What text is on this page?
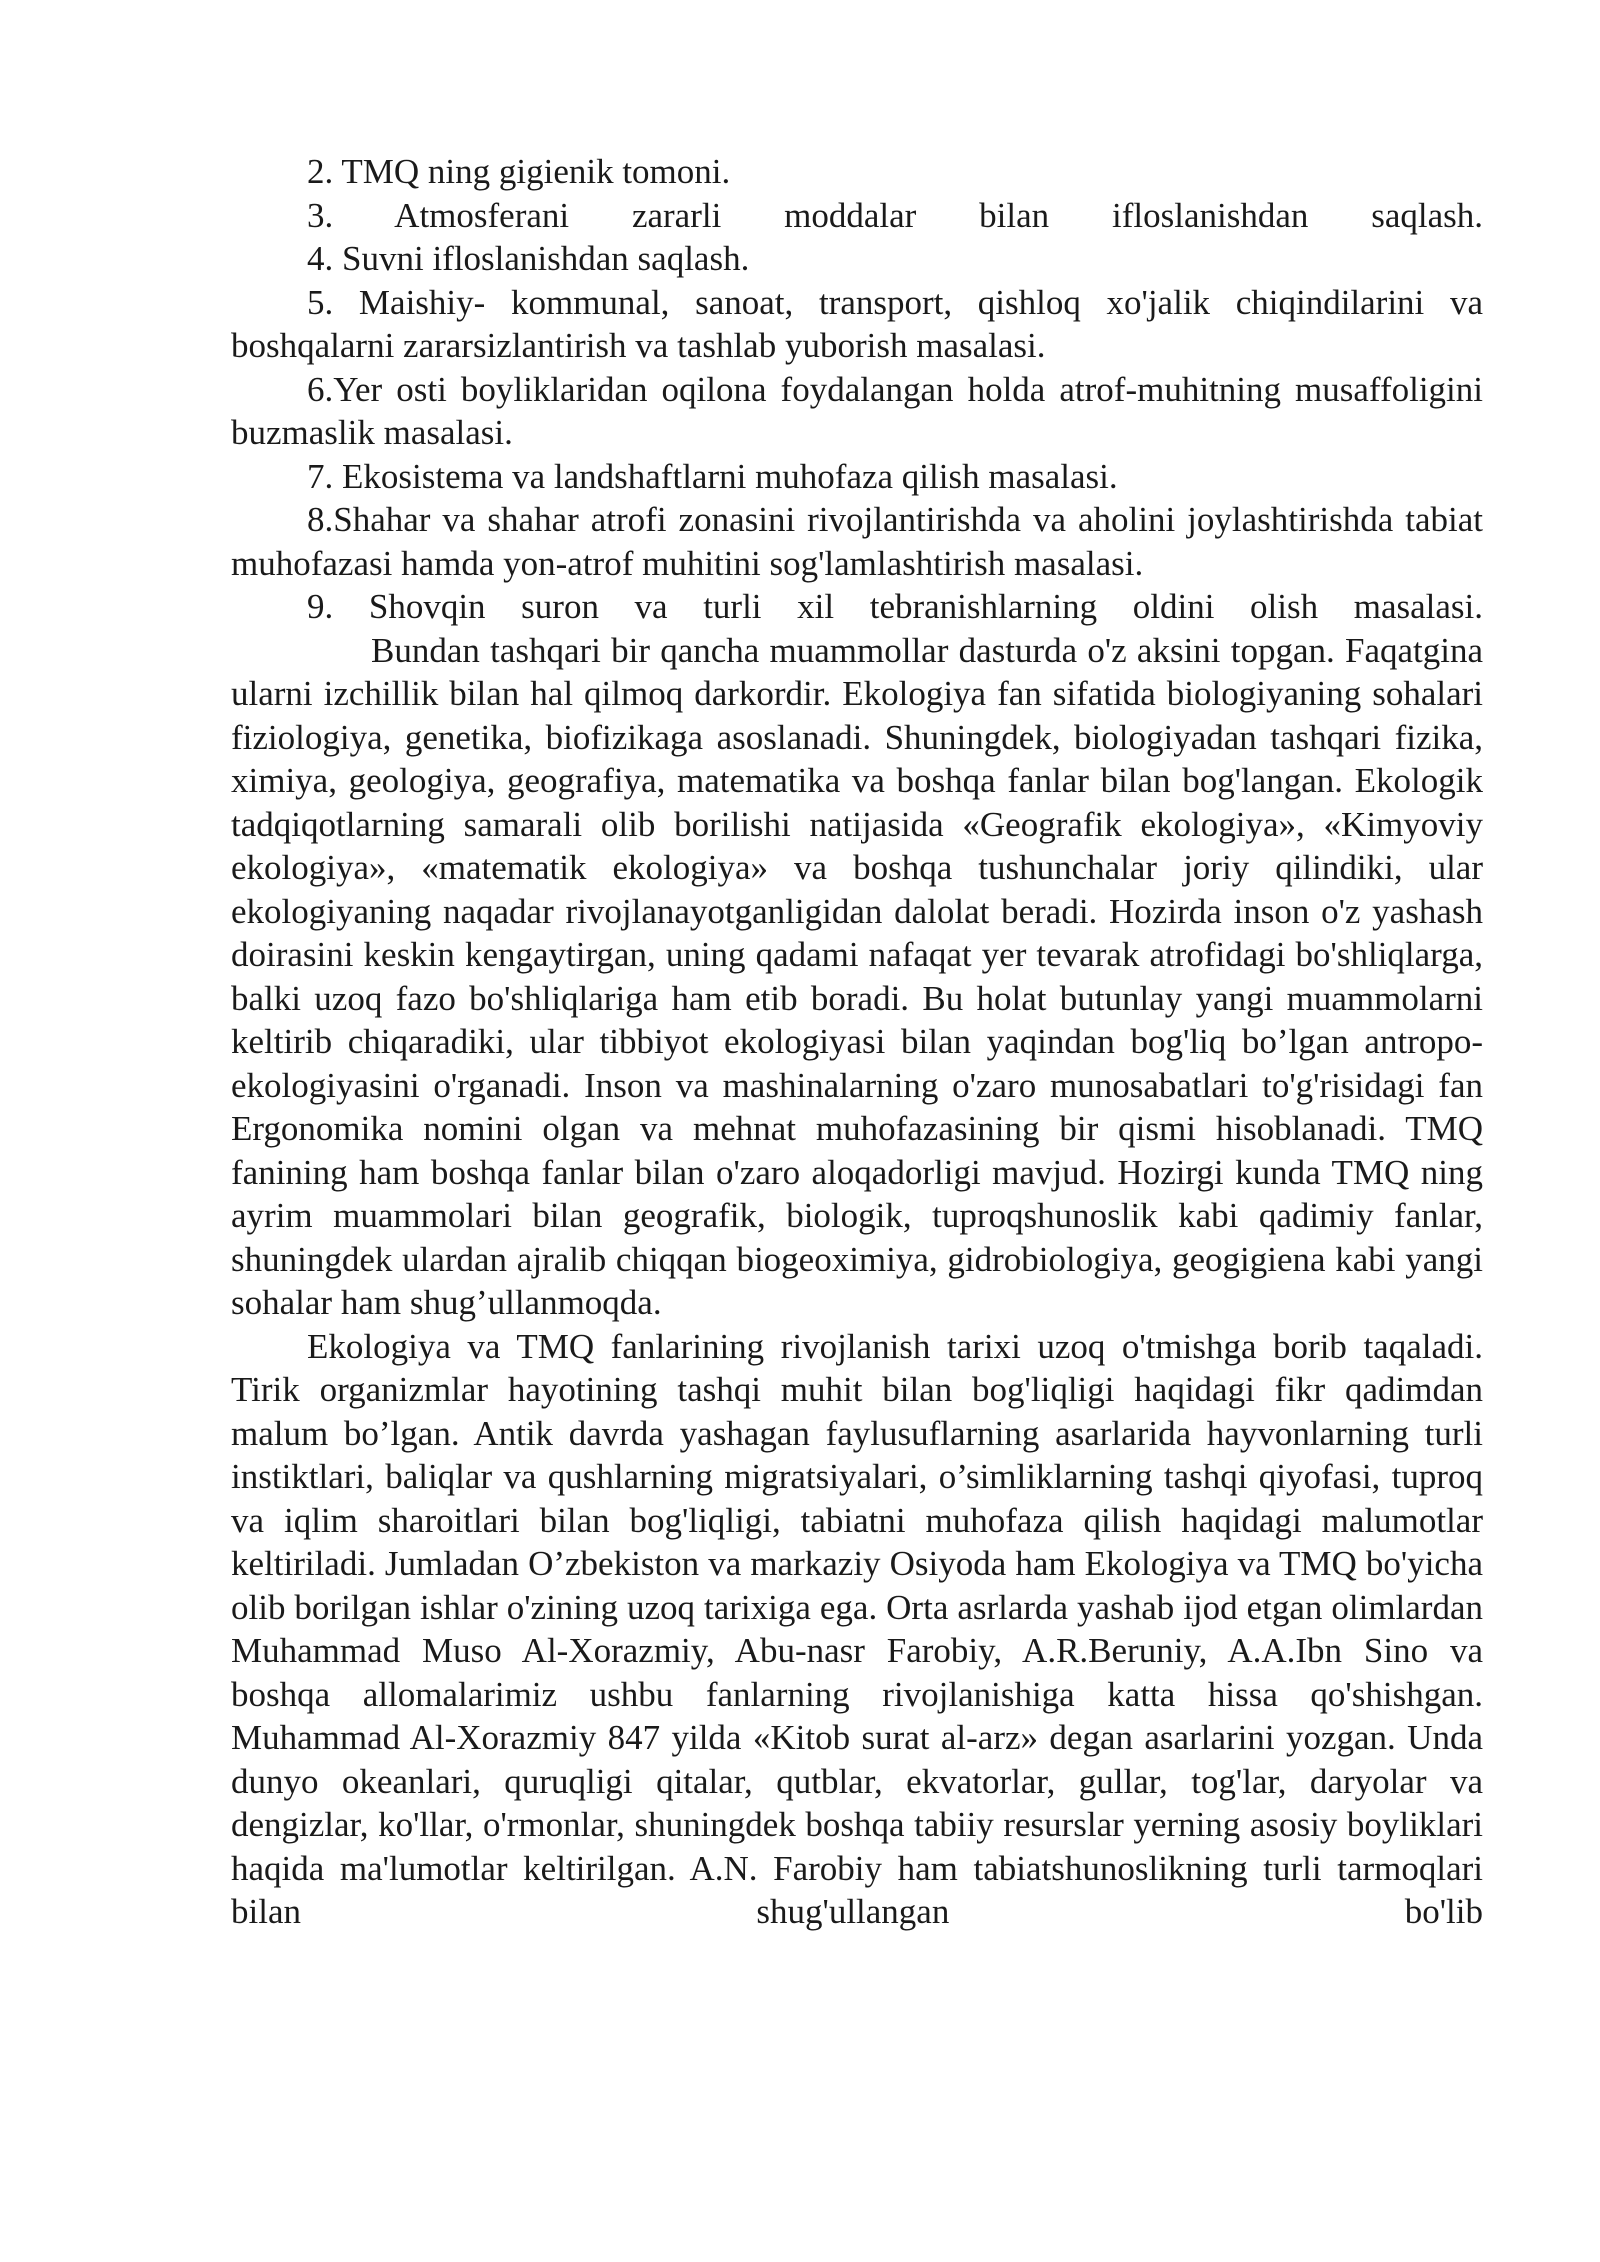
2. TMQ ning gigienik tomoni.

3. Atmosferani zararli moddalar bilan ifloslanishdan saqlash.

4. Suvni ifloslanishdan saqlash.

5. Maishiy- kommunal, sanoat, transport, qishloq xo'jalik chiqindilarini va boshqalarni zararsizlantirish va tashlab yuborish masalasi.

6.Yer osti boyliklaridan oqilona foydalangan holda atrof-muhitning musaffoligini buzmaslik masalasi.

7. Ekosistema va landshaftlarni muhofaza qilish masalasi.

8.Shahar va shahar atrofi zonasini rivojlantirishda va aholini joylashtirishda tabiat muhofazasi hamda yon-atrof muhitini sog'lamlashtirish masalasi.

9. Shovqin suron va turli xil tebranishlarning oldini olish masalasi.

Bundan tashqari bir qancha muammollar dasturda o'z aksini topgan. Faqatgina ularni izchillik bilan hal qilmoq darkordir. Ekologiya fan sifatida biologiyaning sohalari fiziologiya, genetika, biofizikaga asoslanadi. Shuningdek, biologiyadan tashqari fizika, ximiya, geologiya, geografiya, matematika va boshqa fanlar bilan bog'langan. Ekologik tadqiqotlarning samarali olib borilishi natijasida «Geografik ekologiya», «Kimyoviy ekologiya», «matematik ekologiya» va boshqa tushunchalar joriy qilindiki, ular ekologiyaning naqadar rivojlanayotganligidan dalolat beradi. Hozirda inson o'z yashash doirasini keskin kengaytirgan, uning qadami nafaqat yer tevarak atrofidagi bo'shliqlarga, balki uzoq fazo bo'shliqlariga ham etib boradi. Bu holat butunlay yangi muammolarni keltirib chiqaradiki, ular tibbiyot ekologiyasi bilan yaqindan bog'liq bo’lgan antropo-ekologiyasini o'rganadi. Inson va mashinalarning o'zaro munosabatlari to'g'risidagi fan Ergonomika nomini olgan va mehnat muhofazasining bir qismi hisoblanadi. TMQ fanining ham boshqa fanlar bilan o'zaro aloqadorligi mavjud. Hozirgi kunda TMQ ning ayrim muammolari bilan geografik, biologik, tuproqshunoslik kabi qadimiy fanlar, shuningdek ulardan ajralib chiqqan biogeoximiya, gidrobiologiya, geogigiena kabi yangi sohalar ham shug’ullanmoqda.

Ekologiya va TMQ fanlarining rivojlanish tarixi uzoq o'tmishga borib taqaladi. Tirik organizmlar hayotining tashqi muhit bilan bog'liqligi haqidagi fikr qadimdan malum bo’lgan. Antik davrda yashagan faylusuflarning asarlarida hayvonlarning turli instiktlari, baliqlar va qushlarning migratsiyalari, o’simliklarning tashqi qiyofasi, tuproq va iqlim sharoitlari bilan bog'liqligi, tabiatni muhofaza qilish haqidagi malumotlar keltiriladi. Jumladan O’zbekiston va markaziy Osiyoda ham Ekologiya va TMQ bo'yicha olib borilgan ishlar o'zining uzoq tarixiga ega. Orta asrlarda yashab ijod etgan olimlardan Muhammad Muso Al-Xorazmiy, Abu-nasr Farobiy, A.R.Beruniy, A.A.Ibn Sino va boshqa allomalarimiz ushbu fanlarning rivojlanishiga katta hissa qo'shishgan. Muhammad Al-Xorazmiy 847 yilda «Kitob surat al-arz» degan asarlarini yozgan. Unda dunyo okeanlari, quruqligi qitalar, qutblar, ekvatorlar, gullar, tog'lar, daryolar va dengizlar, ko'llar, o'rmonlar, shuningdek boshqa tabiiy resurslar yerning asosiy boyliklari haqida ma'lumotlar keltirilgan. A.N. Farobiy ham tabiatshunoslikning turli tarmoqlari bilan shug'ullangan bo'lib
